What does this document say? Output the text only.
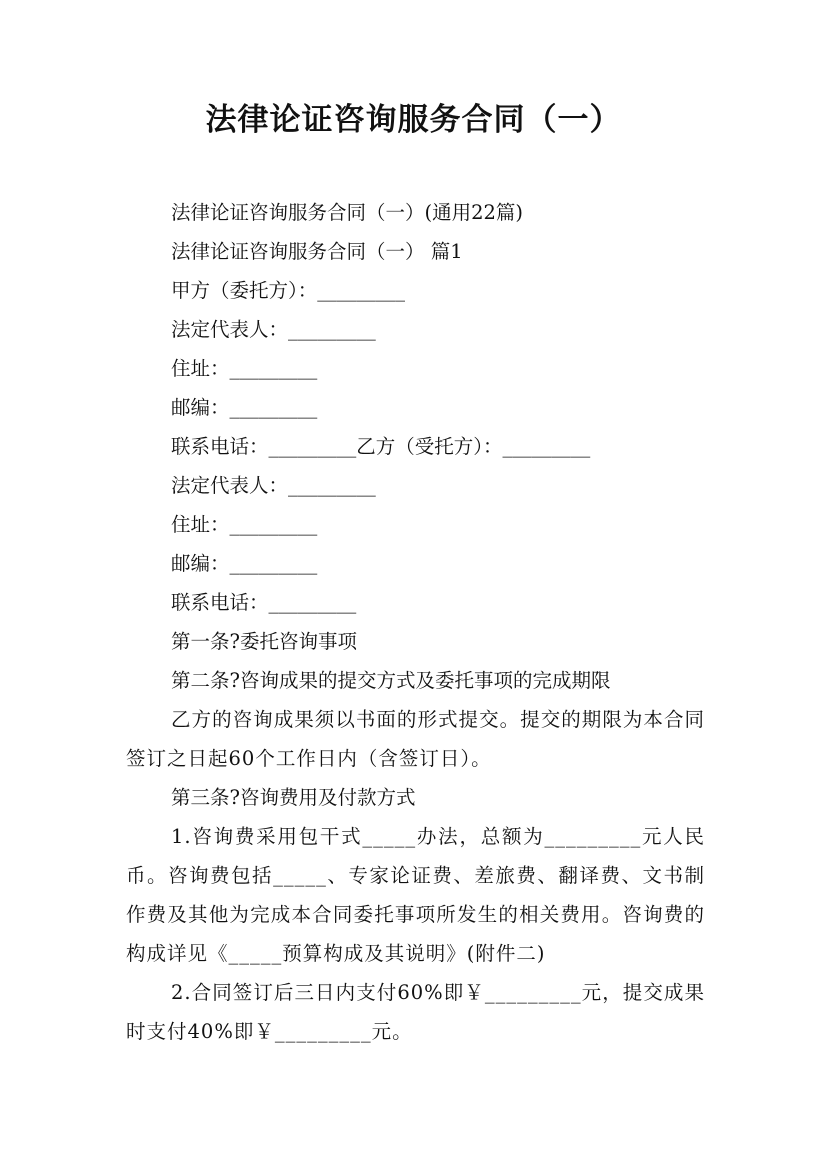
法律论证咨询服务合同（一）

法律论证咨询服务合同（一）(通用22篇)

法律论证咨询服务合同（一） 篇1

甲方（委托方）：_________

法定代表人：_________

住址：_________

邮编：_________

联系电话：_________乙方（受托方）：_________

法定代表人：_________

住址：_________

邮编：_________

联系电话：_________

第一条?委托咨询事项

第二条?咨询成果的提交方式及委托事项的完成期限

乙方的咨询成果须以书面的形式提交。提交的期限为本合同签订之日起60个工作日内（含签订日）。

第三条?咨询费用及付款方式

1.咨询费采用包干式_____办法，总额为_________元人民币。咨询费包括_____、专家论证费、差旅费、翻译费、文书制作费及其他为完成本合同委托事项所发生的相关费用。咨询费的构成详见《_____预算构成及其说明》(附件二)

2.合同签订后三日内支付60%即￥_________元，提交成果时支付40%即￥_________元。
